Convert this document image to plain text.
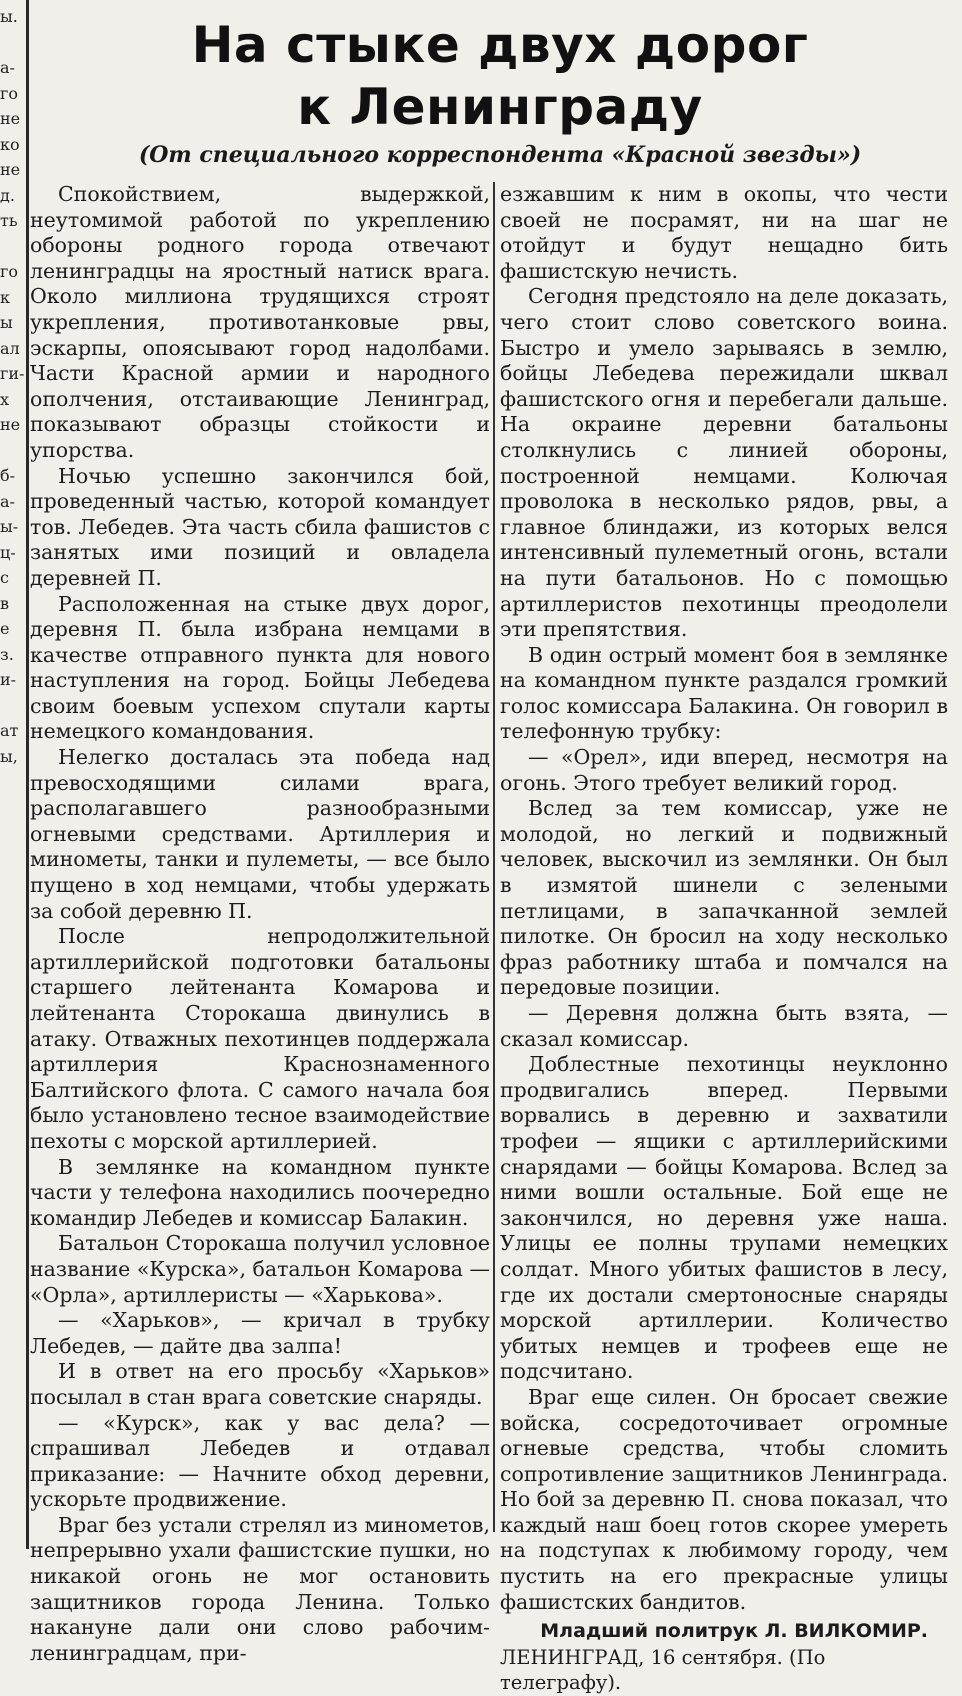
ы.

а-
го
не
ко
не
д.
ть

го
к
ы
ал
ги-
х
не

б-
а-
ы-
ц-
с
в
е
з.
и-

ат
ы,
На стыке двух дорог
к Ленинграду
(От специального корреспондента «Красной звезды»)

Спокойствием, выдержкой, неутомимой работой по укреплению обороны родного города отвечают ленинградцы на яростный натиск врага. Около миллиона трудящихся строят укрепления, противотанковые рвы, эскарпы, опоясывают город надолбами. Части Красной армии и народного ополчения, отстаивающие Ленинград, показывают образцы стойкости и упорства.

Ночью успешно закончился бой, проведенный частью, которой командует тов. Лебедев. Эта часть сбила фашистов с занятых ими позиций и овладела деревней П.

Расположенная на стыке двух дорог, деревня П. была избрана немцами в качестве отправного пункта для нового наступления на город. Бойцы Лебедева своим боевым успехом спутали карты немецкого командования.

Нелегко досталась эта победа над превосходящими силами врага, располагавшего разнообразными огневыми средствами. Артиллерия и минометы, танки и пулеметы, — все было пущено в ход немцами, чтобы удержать за собой деревню П.

После непродолжительной артиллерийской подготовки батальоны старшего лейтенанта Комарова и лейтенанта Сторокаша двинулись в атаку. Отважных пехотинцев поддержала артиллерия Краснознаменного Балтийского флота. С самого начала боя было установлено тесное взаимодействие пехоты с морской артиллерией.

В землянке на командном пункте части у телефона находились поочередно командир Лебедев и комиссар Балакин.

Батальон Сторокаша получил условное название «Курска», батальон Комарова — «Орла», артиллеристы — «Харькова».

— «Харьков», — кричал в трубку Лебедев, — дайте два залпа!

И в ответ на его просьбу «Харьков» посылал в стан врага советские снаряды.

— «Курск», как у вас дела? — спрашивал Лебедев и отдавал приказание: — Начните обход деревни, ускорьте продвижение.

Враг без устали стрелял из минометов, непрерывно ухали фашистские пушки, но никакой огонь не мог остановить защитников города Ленина. Только накануне дали они слово рабочим-ленинградцам, при-

езжавшим к ним в окопы, что чести своей не посрамят, ни на шаг не отойдут и будут нещадно бить фашистскую нечисть.

Сегодня предстояло на деле доказать, чего стоит слово советского воина. Быстро и умело зарываясь в землю, бойцы Лебедева пережидали шквал фашистского огня и перебегали дальше. На окраине деревни батальоны столкнулись с линией обороны, построенной немцами. Колючая проволока в несколько рядов, рвы, а главное блиндажи, из которых велся интенсивный пулеметный огонь, встали на пути батальонов. Но с помощью артиллеристов пехотинцы преодолели эти препятствия.

В один острый момент боя в землянке на командном пункте раздался громкий голос комиссара Балакина. Он говорил в телефонную трубку:

— «Орел», иди вперед, несмотря на огонь. Этого требует великий город.

Вслед за тем комиссар, уже не молодой, но легкий и подвижный человек, выскочил из землянки. Он был в измятой шинели с зелеными петлицами, в запачканной землей пилотке. Он бросил на ходу несколько фраз работнику штаба и помчался на передовые позиции.

— Деревня должна быть взята, — сказал комиссар.

Доблестные пехотинцы неуклонно продвигались вперед. Первыми ворвались в деревню и захватили трофеи — ящики с артиллерийскими снарядами — бойцы Комарова. Вслед за ними вошли остальные. Бой еще не закончился, но деревня уже наша. Улицы ее полны трупами немецких солдат. Много убитых фашистов в лесу, где их достали смертоносные снаряды морской артиллерии. Количество убитых немцев и трофеев еще не подсчитано.

Враг еще силен. Он бросает свежие войска, сосредоточивает огромные огневые средства, чтобы сломить сопротивление защитников Ленинграда. Но бой за деревню П. снова показал, что каждый наш боец готов скорее умереть на подступах к любимому городу, чем пустить на его прекрасные улицы фашистских бандитов.

Младший политрук Л. ВИЛКОМИР.

ЛЕНИНГРАД, 16 сентября. (По телеграфу).
